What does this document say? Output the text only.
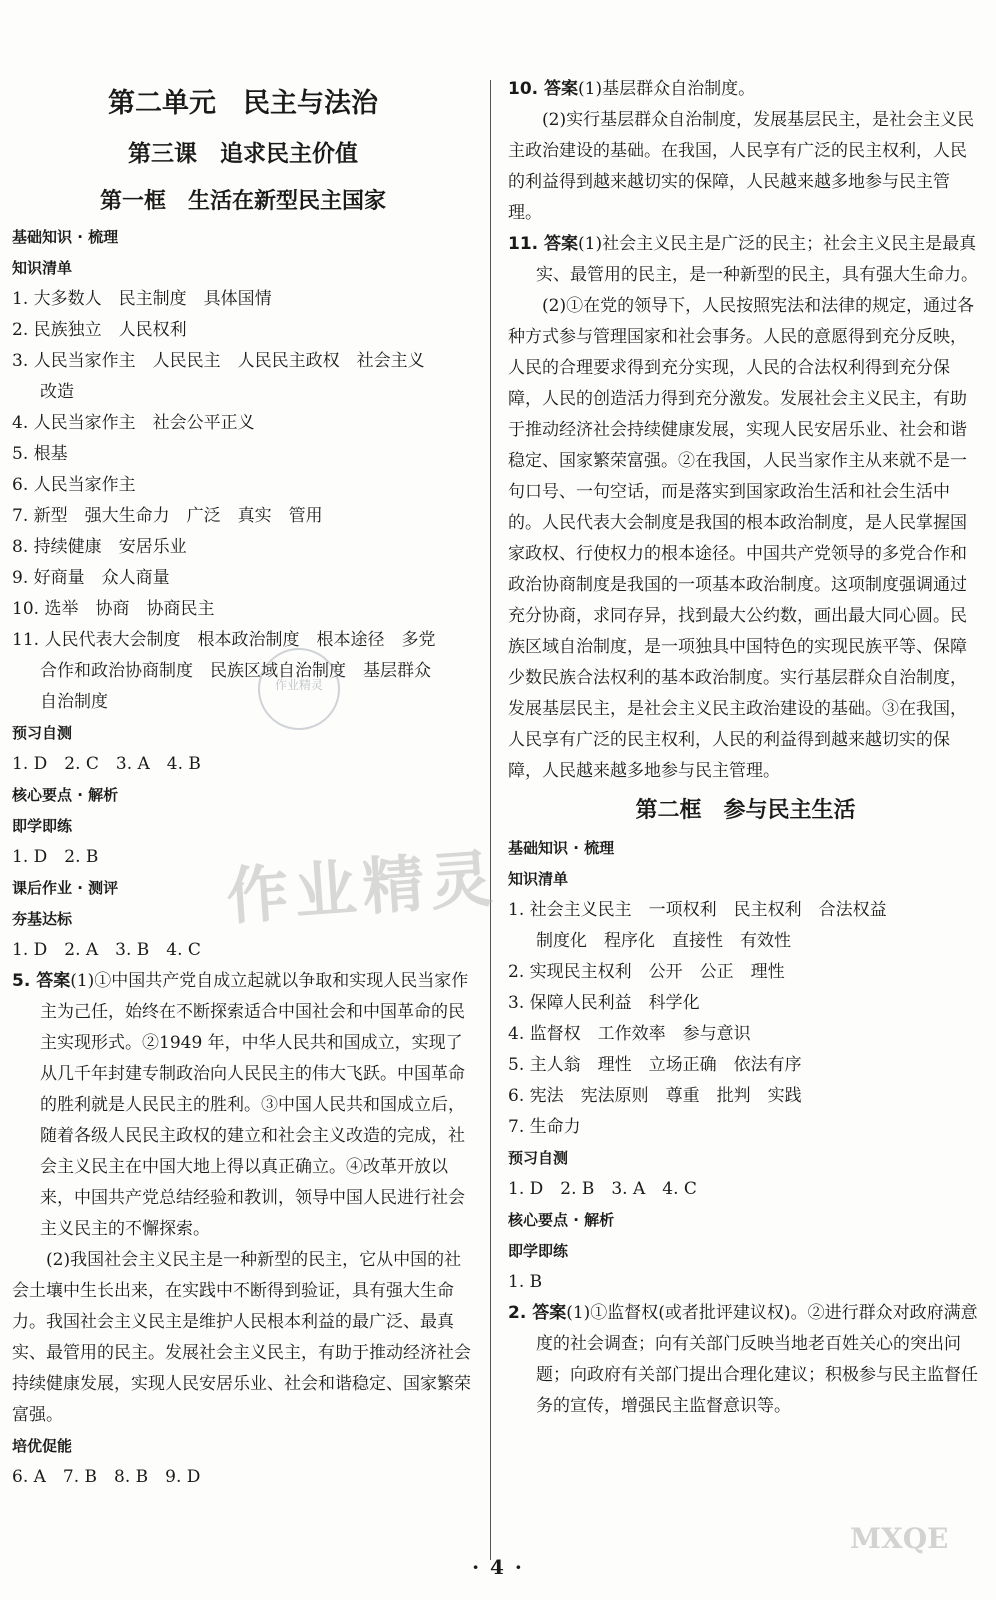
第二单元　民主与法治
第三课　追求民主价值
第一框　生活在新型民主国家
基础知识 · 梳理
知识清单
1. 大多数人　民主制度　具体国情
2. 民族独立　人民权利
3. 人民当家作主　人民民主　人民民主政权　社会主义
改造
4. 人民当家作主　社会公平正义
5. 根基
6. 人民当家作主
7. 新型　强大生命力　广泛　真实　管用
8. 持续健康　安居乐业
9. 好商量　众人商量
10. 选举　协商　协商民主
11. 人民代表大会制度　根本政治制度　根本途径　多党
合作和政治协商制度　民族区域自治制度　基层群众
自治制度
预习自测
1. D　2. C　3. A　4. B
核心要点 · 解析
即学即练
1. D　2. B
课后作业 · 测评
夯基达标
1. D　2. A　3. B　4. C
5. 答案(1)①中国共产党自成立起就以争取和实现人民当家作主为己任，始终在不断探索适合中国社会和中国革命的民主实现形式。②1949 年，中华人民共和国成立，实现了从几千年封建专制政治向人民民主的伟大飞跃。中国革命的胜利就是人民民主的胜利。③中国人民共和国成立后，随着各级人民民主政权的建立和社会主义改造的完成，社会主义民主在中国大地上得以真正确立。④改革开放以来，中国共产党总结经验和教训，领导中国人民进行社会主义民主的不懈探索。
(2)我国社会主义民主是一种新型的民主，它从中国的社会土壤中生长出来，在实践中不断得到验证，具有强大生命力。我国社会主义民主是维护人民根本利益的最广泛、最真实、最管用的民主。发展社会主义民主，有助于推动经济社会持续健康发展，实现人民安居乐业、社会和谐稳定、国家繁荣富强。
培优促能
6. A　7. B　8. B　9. D
10. 答案(1)基层群众自治制度。
(2)实行基层群众自治制度，发展基层民主，是社会主义民主政治建设的基础。在我国，人民享有广泛的民主权利，人民的利益得到越来越切实的保障，人民越来越多地参与民主管理。
11. 答案(1)社会主义民主是广泛的民主；社会主义民主是最真实、最管用的民主，是一种新型的民主，具有强大生命力。
(2)①在党的领导下，人民按照宪法和法律的规定，通过各种方式参与管理国家和社会事务。人民的意愿得到充分反映，人民的合理要求得到充分实现，人民的合法权利得到充分保障，人民的创造活力得到充分激发。发展社会主义民主，有助于推动经济社会持续健康发展，实现人民安居乐业、社会和谐稳定、国家繁荣富强。②在我国，人民当家作主从来就不是一句口号、一句空话，而是落实到国家政治生活和社会生活中的。人民代表大会制度是我国的根本政治制度，是人民掌握国家政权、行使权力的根本途径。中国共产党领导的多党合作和政治协商制度是我国的一项基本政治制度。这项制度强调通过充分协商，求同存异，找到最大公约数，画出最大同心圆。民族区域自治制度，是一项独具中国特色的实现民族平等、保障少数民族合法权利的基本政治制度。实行基层群众自治制度，发展基层民主，是社会主义民主政治建设的基础。③在我国，人民享有广泛的民主权利，人民的利益得到越来越切实的保障，人民越来越多地参与民主管理。
第二框　参与民主生活
基础知识 · 梳理
知识清单
1. 社会主义民主　一项权利　民主权利　合法权益
制度化　程序化　直接性　有效性
2. 实现民主权利　公开　公正　理性
3. 保障人民利益　科学化
4. 监督权　工作效率　参与意识
5. 主人翁　理性　立场正确　依法有序
6. 宪法　宪法原则　尊重　批判　实践
7. 生命力
预习自测
1. D　2. B　3. A　4. C
核心要点 · 解析
即学即练
1. B
2. 答案(1)①监督权(或者批评建议权)。②进行群众对政府满意度的社会调查；向有关部门反映当地老百姓关心的突出问题；向政府有关部门提出合理化建议；积极参与民主监督任务的宣传，增强民主监督意识等。
作业精灵
作业精灵
MXQE
· 4 ·
